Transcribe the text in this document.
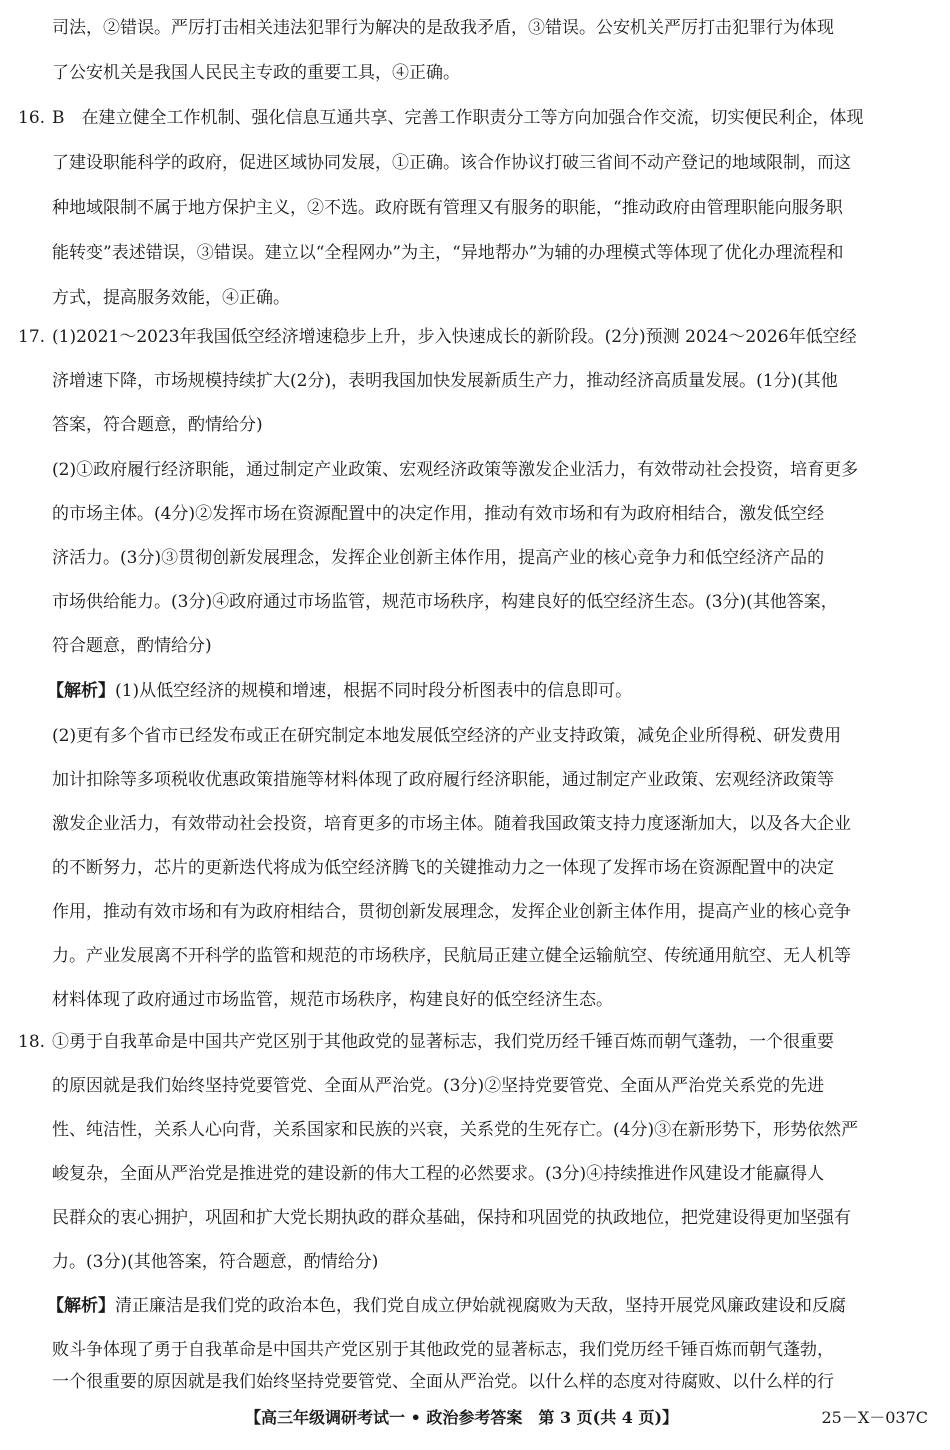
司法，②错误。严厉打击相关违法犯罪行为解决的是敌我矛盾，③错误。公安机关严厉打击犯罪行为体现
了公安机关是我国人民民主专政的重要工具，④正确。
16. B　在建立健全工作机制、强化信息互通共享、完善工作职责分工等方向加强合作交流，切实便民利企，体现
了建设职能科学的政府，促进区域协同发展，①正确。该合作协议打破三省间不动产登记的地域限制，而这
种地域限制不属于地方保护主义，②不选。政府既有管理又有服务的职能，“推动政府由管理职能向服务职
能转变”表述错误，③错误。建立以“全程网办”为主，“异地帮办”为辅的办理模式等体现了优化办理流程和
方式，提高服务效能，④正确。
17. (1)2021～2023年我国低空经济增速稳步上升，步入快速成长的新阶段。(2分)预测 2024～2026年低空经
济增速下降，市场规模持续扩大(2分)，表明我国加快发展新质生产力，推动经济高质量发展。(1分)(其他
答案，符合题意，酌情给分)
(2)①政府履行经济职能，通过制定产业政策、宏观经济政策等激发企业活力，有效带动社会投资，培育更多
的市场主体。(4分)②发挥市场在资源配置中的决定作用，推动有效市场和有为政府相结合，激发低空经
济活力。(3分)③贯彻创新发展理念，发挥企业创新主体作用，提高产业的核心竞争力和低空经济产品的
市场供给能力。(3分)④政府通过市场监管，规范市场秩序，构建良好的低空经济生态。(3分)(其他答案，
符合题意，酌情给分)
【解析】(1)从低空经济的规模和增速，根据不同时段分析图表中的信息即可。
(2)更有多个省市已经发布或正在研究制定本地发展低空经济的产业支持政策，减免企业所得税、研发费用
加计扣除等多项税收优惠政策措施等材料体现了政府履行经济职能，通过制定产业政策、宏观经济政策等
激发企业活力，有效带动社会投资，培育更多的市场主体。随着我国政策支持力度逐渐加大，以及各大企业
的不断努力，芯片的更新迭代将成为低空经济腾飞的关键推动力之一体现了发挥市场在资源配置中的决定
作用，推动有效市场和有为政府相结合，贯彻创新发展理念，发挥企业创新主体作用，提高产业的核心竞争
力。产业发展离不开科学的监管和规范的市场秩序，民航局正建立健全运输航空、传统通用航空、无人机等
材料体现了政府通过市场监管，规范市场秩序，构建良好的低空经济生态。
18. ①勇于自我革命是中国共产党区别于其他政党的显著标志，我们党历经千锤百炼而朝气蓬勃，一个很重要
的原因就是我们始终坚持党要管党、全面从严治党。(3分)②坚持党要管党、全面从严治党关系党的先进
性、纯洁性，关系人心向背，关系国家和民族的兴衰，关系党的生死存亡。(4分)③在新形势下，形势依然严
峻复杂，全面从严治党是推进党的建设新的伟大工程的必然要求。(3分)④持续推进作风建设才能赢得人
民群众的衷心拥护，巩固和扩大党长期执政的群众基础，保持和巩固党的执政地位，把党建设得更加坚强有
力。(3分)(其他答案，符合题意，酌情给分)
【解析】清正廉洁是我们党的政治本色，我们党自成立伊始就视腐败为天敌，坚持开展党风廉政建设和反腐
败斗争体现了勇于自我革命是中国共产党区别于其他政党的显著标志，我们党历经千锤百炼而朝气蓬勃，
一个很重要的原因就是我们始终坚持党要管党、全面从严治党。以什么样的态度对待腐败、以什么样的行
【高三年级调研考试一 • 政治参考答案　第 3 页(共 4 页)】	25－X－037C
